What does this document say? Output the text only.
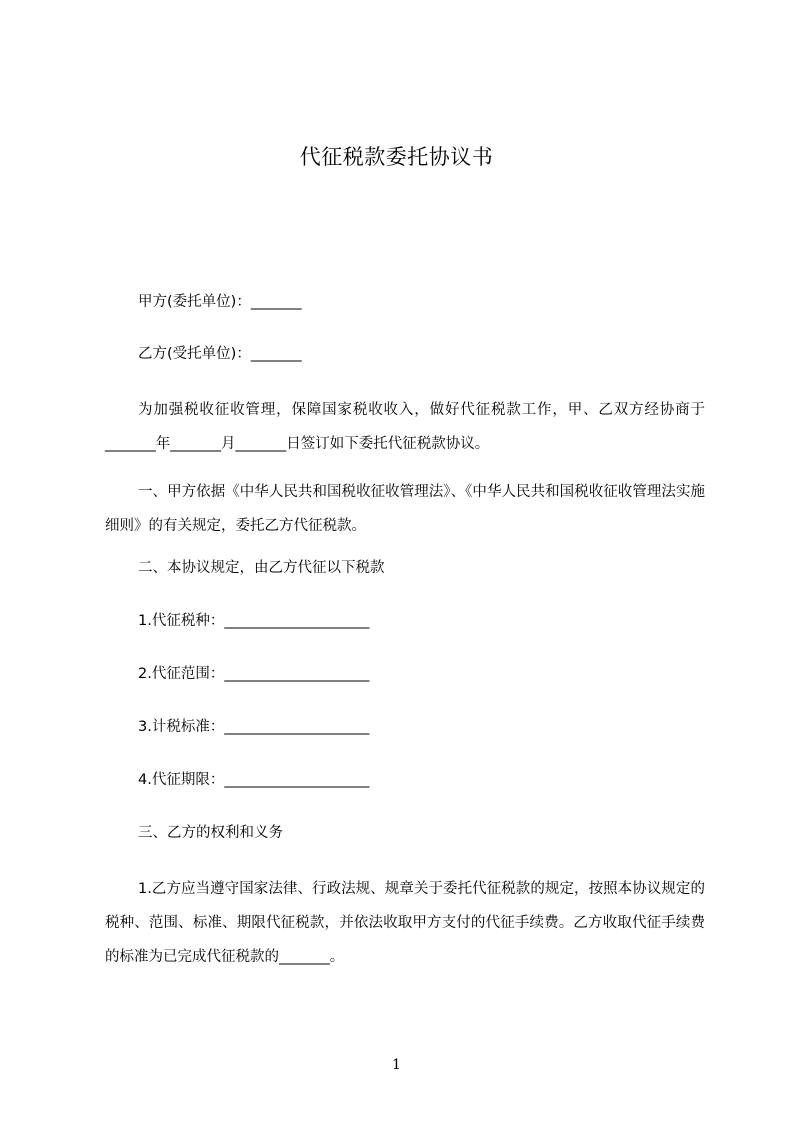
代征税款委托协议书
甲方(委托单位)：_______
乙方(受托单位)：_______
为加强税收征收管理，保障国家税收收入，做好代征税款工作，甲、乙双方经协商于_______年_______月_______日签订如下委托代征税款协议。
一、甲方依据《中华人民共和国税收征收管理法》、《中华人民共和国税收征收管理法实施细则》的有关规定，委托乙方代征税款。
二、本协议规定，由乙方代征以下税款
1.代征税种：____________________
2.代征范围：____________________
3.计税标准：____________________
4.代征期限：____________________
三、乙方的权利和义务
1.乙方应当遵守国家法律、行政法规、规章关于委托代征税款的规定，按照本协议规定的税种、范围、标准、期限代征税款，并依法收取甲方支付的代征手续费。乙方收取代征手续费的标准为已完成代征税款的_______。
1
